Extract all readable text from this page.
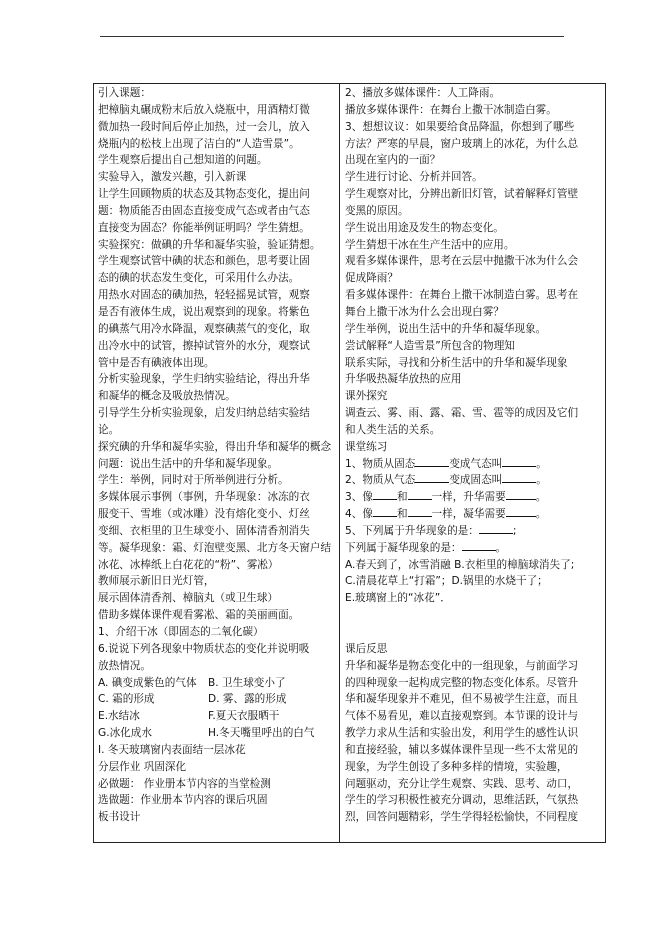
引入课题：
把樟脑丸碾成粉末后放入烧瓶中，用酒精灯微
微加热一段时间后停止加热，过一会儿，放入
烧瓶内的松枝上出现了洁白的“人造雪景”。
学生观察后提出自己想知道的问题。
实验导入，激发兴趣，引入新课
让学生回顾物质的状态及其物态变化，提出问
题：物质能否由固态直接变成气态或者由气态
直接变为固态？你能举例证明吗？学生猜想。
实验探究：做碘的升华和凝华实验，验证猜想。
学生观察试管中碘的状态和颜色，思考要让固
态的碘的状态发生变化，可采用什么办法。
用热水对固态的碘加热，轻轻摇晃试管，观察
是否有液体生成，说出观察到的现象。将紫色
的碘蒸气用冷水降温，观察碘蒸气的变化，取
出冷水中的试管，擦掉试管外的水分，观察试
管中是否有碘液体出现。
分析实验现象，学生归纳实验结论，得出升华
和凝华的概念及吸放热情况。
引导学生分析实验现象，启发归纳总结实验结
论。
探究碘的升华和凝华实验，得出升华和凝华的概念
问题：说出生活中的升华和凝华现象。
学生：举例，同时对于所举例进行分析。
多媒体展示事例（事例，升华现象：冰冻的衣
服变干、雪堆（或冰雕）没有熔化变小、灯丝
变细、衣柜里的卫生球变小、固体清香剂消失
等。凝华现象：霜、灯泡壁变黑、北方冬天窗户结
冰花、冰棒纸上白花花的“粉”、雾凇）
教师展示新旧日光灯管，
展示固体清香剂、樟脑丸（或卫生球）
借助多媒体课件观看雾凇、霜的美丽画面。
1、介绍干冰（即固态的二氧化碳）
6.说说下列各现象中物质状态的变化并说明吸
放热情况。
A. 碘变成紫色的气体	B. 卫生球变小了
C. 霜的形成	D. 雾、露的形成
E.水结冰	F.夏天衣服晒干
G.冰化成水	H.冬天嘴里呼出的白气
I. 冬天玻璃窗内表面结一层冰花
分层作业 巩固深化
必做题： 作业册本节内容的当堂检测
选做题：作业册本节内容的课后巩固
板书设计
2、播放多媒体课件：人工降雨。
播放多媒体课件：在舞台上撒干冰制造白雾。
3、想想议议：如果要给食品降温，你想到了哪些
方法？严寒的早晨，窗户玻璃上的冰花，为什么总
出现在室内的一面？
学生进行讨论、分析并回答。
学生观察对比，分辨出新旧灯管，试着解释灯管壁
变黑的原因。
学生说出用途及发生的物态变化。
学生猜想干冰在生产生活中的应用。
观看多媒体课件，思考在云层中抛撒干冰为什么会
促成降雨？
看多媒体课件：在舞台上撒干冰制造白雾。思考在
舞台上撒干冰为什么会出现白雾？
学生举例，说出生活中的升华和凝华现象。
尝试解释“人造雪景”所包含的物理知
联系实际，寻找和分析生活中的升华和凝华现象
升华吸热凝华放热的应用
课外探究
调查云、雾、雨、露、霜、雪、雹等的成因及它们
和人类生活的关系。
课堂练习
1、物质从固态	变成气态叫	。
2、物质从气态	变成固态叫	。
3、像 和 一样，升华需要	。
4、像 和 一样，凝华需要	。
5、下列属于升华现象的是：	;
下列属于凝华现象的是：	。
A.春天到了，冰雪消融 B.衣柜里的樟脑球消失了;
C.清晨花草上“打霜”；D.锅里的水烧干了；
E.玻璃窗上的“冰花”．
课后反思
升华和凝华是物态变化中的一组现象，与前面学习
的四种现象一起构成完整的物态变化体系。尽管升
华和凝华现象并不难见，但不易被学生注意，而且
气体不易看见，难以直接观察到。本节课的设计与
教学力求从生活和实验出发，利用学生的感性认识
和直接经验，辅以多媒体课件呈现一些不太常见的
现象，为学生创设了多种多样的情境，实验趣，
问题驱动，充分让学生观察、实践、思考、动口，
学生的学习积极性被充分调动，思维活跃，气氛热
烈，回答问题精彩，学生学得轻松愉快，不同程度
